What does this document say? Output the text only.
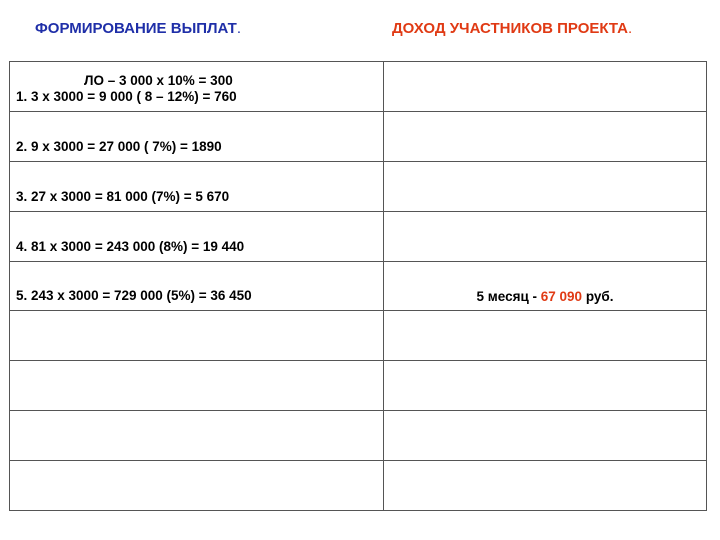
ФОРМИРОВАНИЕ ВЫПЛАТ.	ДОХОД УЧАСТНИКОВ ПРОЕКТА.
ЛО – 3 000 х 10% = 300
1. 3 х 3000 = 9 000 ( 8 – 12%) = 760	

2. 9 х 3000 = 27 000 ( 7%) = 1890	

3. 27 х 3000 = 81 000 (7%) = 5 670	

4. 81 х 3000 = 243 000 (8%) = 19 440	

5. 243 х 3000 = 729 000 (5%) = 36 450	5 месяц - 67 090 руб.
